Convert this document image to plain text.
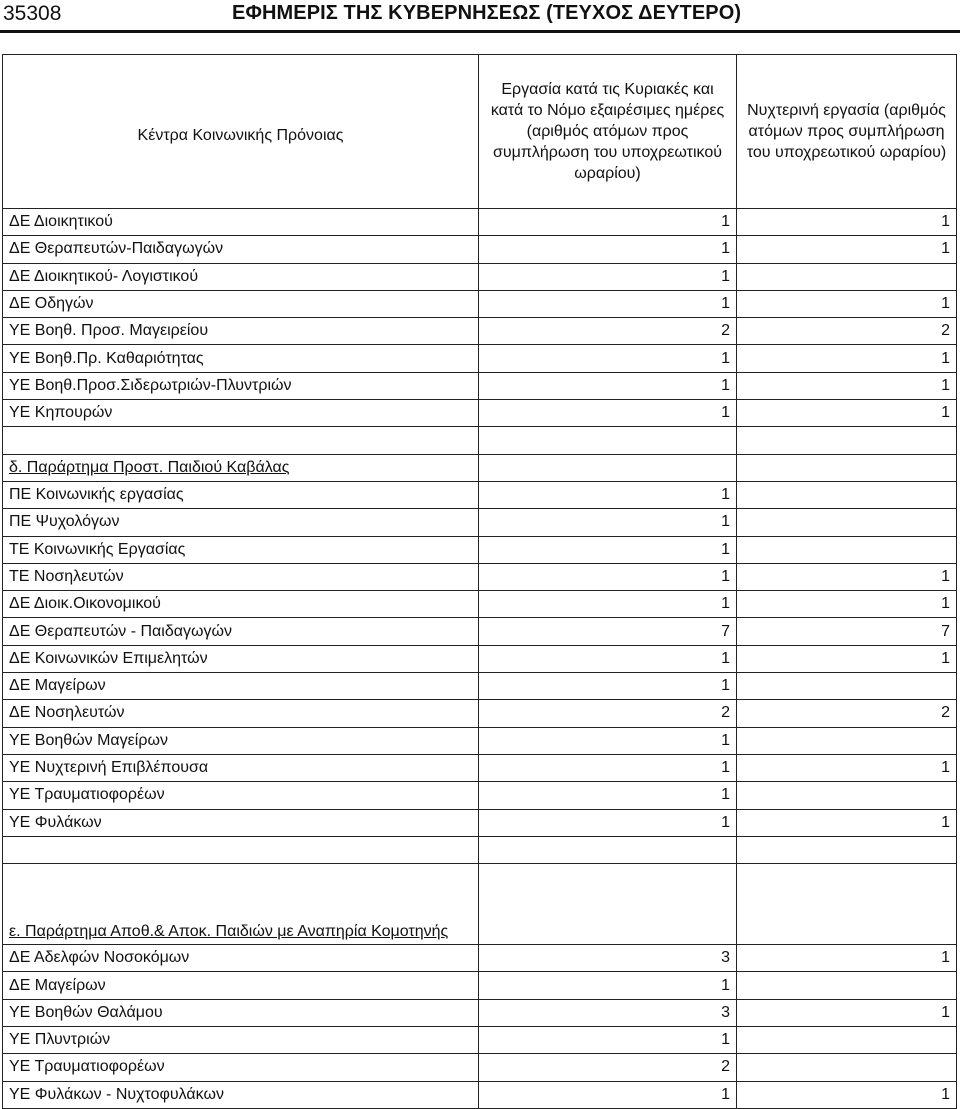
35308	ΕΦΗΜΕΡΙΣ ΤΗΣ ΚΥΒΕΡΝΗΣΕΩΣ (ΤΕΥΧΟΣ ΔΕΥΤΕΡΟ)
Κέντρα Κοινωνικής Πρόνοιας	Εργασία κατά τις Κυριακές και κατά το Νόμο εξαιρέσιμες ημέρες (αριθμός ατόμων προς συμπλήρωση του υποχρεωτικού ωραρίου)	Νυχτερινή εργασία (αριθμός ατόμων προς συμπλήρωση του υποχρεωτικού ωραρίου)
ΔΕ Διοικητικού	1	1
ΔΕ Θεραπευτών-Παιδαγωγών	1	1
ΔΕ Διοικητικού- Λογιστικού	1	
ΔΕ Οδηγών	1	1
ΥΕ Βοηθ. Προσ. Μαγειρείου	2	2
ΥΕ Βοηθ.Πρ. Καθαριότητας	1	1
ΥΕ Βοηθ.Προσ.Σιδερωτριών-Πλυντριών	1	1
ΥΕ Κηπουρών	1	1

δ. Παράρτημα Προστ. Παιδιού Καβάλας		
ΠΕ Κοινωνικής εργασίας	1	
ΠΕ Ψυχολόγων	1	
ΤΕ Κοινωνικής Εργασίας	1	
ΤΕ Νοσηλευτών	1	1
ΔΕ Διοικ.Οικονομικού	1	1
ΔΕ Θεραπευτών - Παιδαγωγών	7	7
ΔΕ Κοινωνικών Επιμελητών	1	1
ΔΕ Μαγείρων	1	
ΔΕ Νοσηλευτών	2	2
ΥΕ Βοηθών Μαγείρων	1	
ΥΕ Νυχτερινή Επιβλέπουσα	1	1
ΥΕ Τραυματιοφορέων	1	
ΥΕ Φυλάκων	1	1

ε. Παράρτημα Αποθ.& Αποκ. Παιδιών με Αναπηρία Κομοτηνής		
ΔΕ Αδελφών Νοσοκόμων	3	1
ΔΕ Μαγείρων	1	
ΥΕ Βοηθών Θαλάμου	3	1
ΥΕ Πλυντριών	1	
ΥΕ Τραυματιοφορέων	2	
ΥΕ Φυλάκων - Νυχτοφυλάκων	1	1
